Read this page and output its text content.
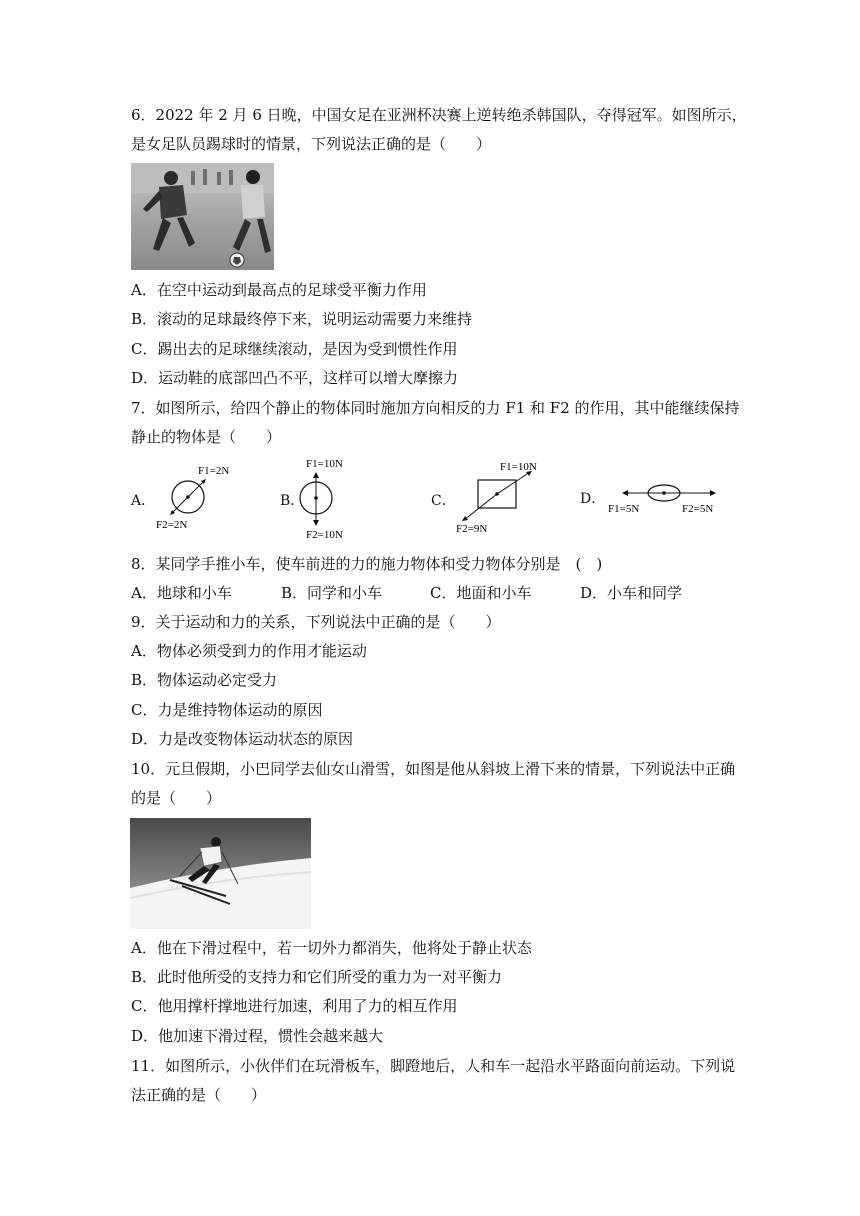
6．2022 年 2 月 6 日晚，中国女足在亚洲杯决赛上逆转绝杀韩国队，夺得冠军。如图所示，
是女足队员踢球时的情景，下列说法正确的是（　　）
A．在空中运动到最高点的足球受平衡力作用
B．滚动的足球最终停下来，说明运动需要力来维持
C．踢出去的足球继续滚动，是因为受到惯性作用
D．运动鞋的底部凹凸不平，这样可以增大摩擦力
7．如图所示，给四个静止的物体同时施加方向相反的力 F1 和 F2 的作用，其中能继续保持
静止的物体是（　　）
A．
F1=2N
F2=2N
B．
F1=10N
F2=10N
C．
F1=10N
F2=9N
D．
F1=5N	F2=5N
8．某同学手推小车，使车前进的力的施力物体和受力物体分别是　(　)
A．地球和小车	B．同学和小车	C．地面和小车	D．小车和同学
9．关于运动和力的关系，下列说法中正确的是（　　）
A．物体必须受到力的作用才能运动
B．物体运动必定受力
C．力是维持物体运动的原因
D．力是改变物体运动状态的原因
10．元旦假期，小巴同学去仙女山滑雪，如图是他从斜坡上滑下来的情景，下列说法中正确
的是（　　）
A．他在下滑过程中，若一切外力都消失，他将处于静止状态
B．此时他所受的支持力和它们所受的重力为一对平衡力
C．他用撑杆撑地进行加速，利用了力的相互作用
D．他加速下滑过程，惯性会越来越大
11．如图所示，小伙伴们在玩滑板车，脚蹬地后，人和车一起沿水平路面向前运动。下列说
法正确的是（　　）
